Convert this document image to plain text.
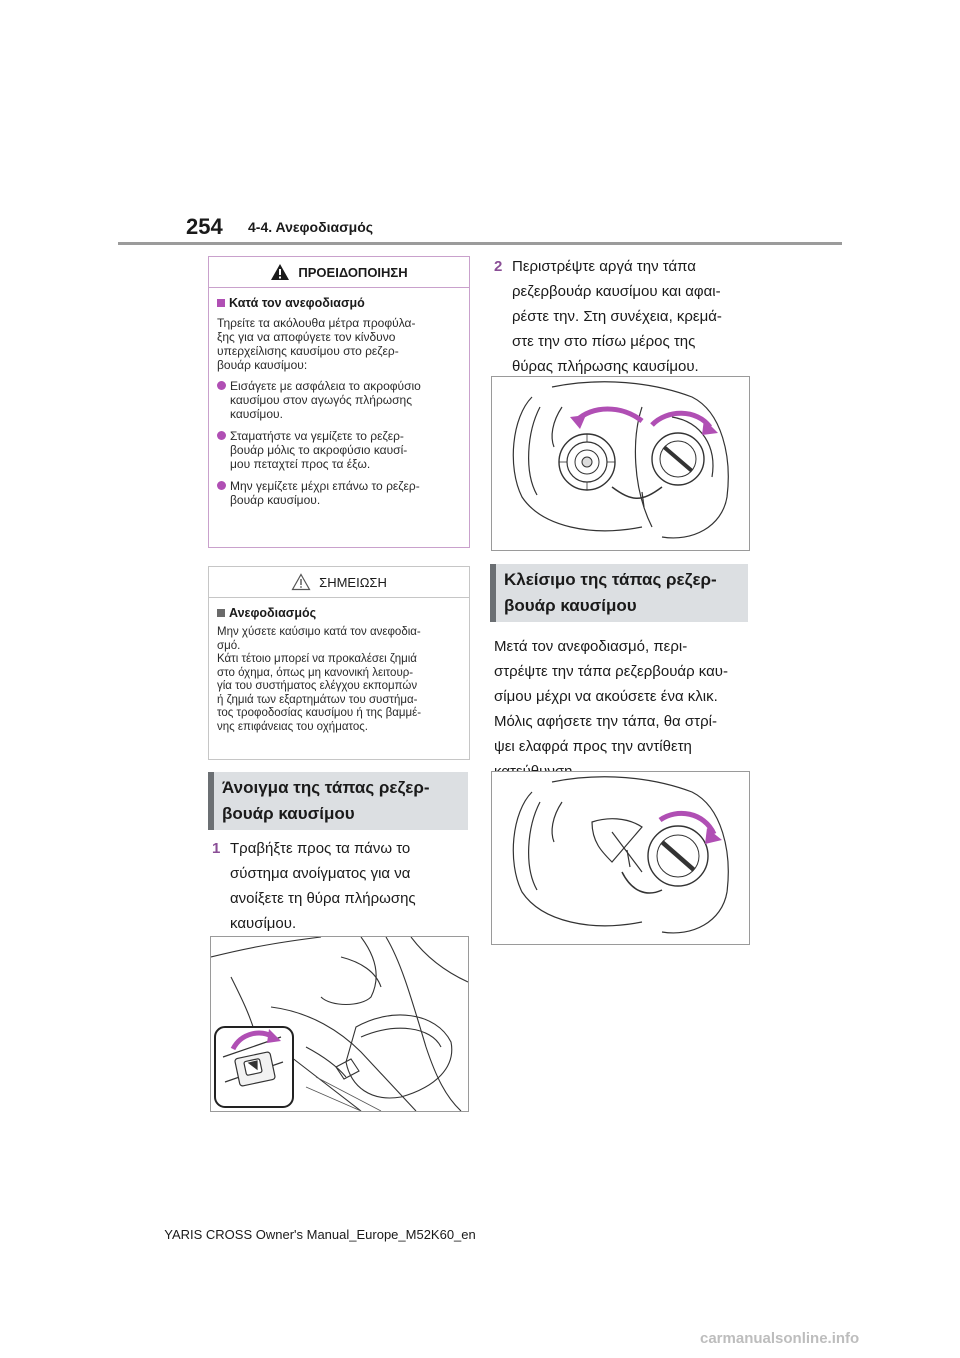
254 4-4. Ανεφοδιασμός
ΠΡΟΕΙΔΟΠΟΙΗΣΗ
Κατά τον ανεφοδιασμό

Τηρείτε τα ακόλουθα μέτρα προφύλα-
ξης για να αποφύγετε τον κίνδυνο
υπερχείλισης καυσίμου στο ρεζερ-
βουάρ καυσίμου:

Εισάγετε με ασφάλεια το ακροφύσιο
καυσίμου στον αγωγός πλήρωσης
καυσίμου.
Σταματήστε να γεμίζετε το ρεζερ-
βουάρ μόλις το ακροφύσιο καυσί-
μου πεταχτεί προς τα έξω.
Μην γεμίζετε μέχρι επάνω το ρεζερ-
βουάρ καυσίμου.
ΣΗΜΕΙΩΣΗ
Ανεφοδιασμός

Μην χύσετε καύσιμο κατά τον ανεφοδια-
σμό.
Κάτι τέτοιο μπορεί να προκαλέσει ζημιά
στο όχημα, όπως μη κανονική λειτουρ-
γία του συστήματος ελέγχου εκπομπών
ή ζημιά των εξαρτημάτων του συστήμα-
τος τροφοδοσίας καυσίμου ή της βαμμέ-
νης επιφάνειας του οχήματος.

Άνοιγμα της τάπας ρεζερ-
βουάρ καυσίμου
1 Τραβήξτε προς τα πάνω το
σύστημα ανοίγματος για να
ανοίξετε τη θύρα πλήρωσης
καυσίμου.
2 Περιστρέψτε αργά την τάπα
ρεζερβουάρ καυσίμου και αφαι-
ρέστε την. Στη συνέχεια, κρεμά-
στε την στο πίσω μέρος της
θύρας πλήρωσης καυσίμου.
Κλείσιμο της τάπας ρεζερ-
βουάρ καυσίμου
Μετά τον ανεφοδιασμό, περι-
στρέψτε την τάπα ρεζερβουάρ καυ-
σίμου μέχρι να ακούσετε ένα κλικ.
Μόλις αφήσετε την τάπα, θα στρί-
ψει ελαφρά προς την αντίθετη

YARIS CROSS Owner's Manual_Europe_M52K60_en
carmanualsonline.info
